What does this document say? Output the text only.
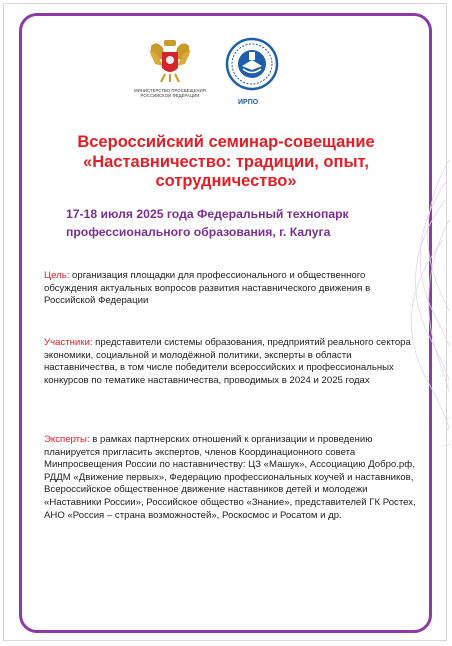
МИНИСТЕРСТВО ПРОСВЕЩЕНИЯ РОССИЙСКОЙ ФЕДЕРАЦИИ
ИРПО
Всероссийский семинар-совещание «Наставничество: традиции, опыт, сотрудничество»

17-18 июля 2025 года Федеральный технопарк профессионального образования, г. Калуга

Цель: организация площадки для профессионального и общественного обсуждения актуальных вопросов развития наставнического движения в Российской Федерации

Участники: представители системы образования, предприятий реального сектора экономики, социальной и молодёжной политики, эксперты в области наставничества, в том числе победители всероссийских и профессиональных конкурсов по тематике наставничества, проводимых в 2024 и 2025 годах

Эксперты: в рамках партнерских отношений к организации и проведению планируется пригласить экспертов, членов Координационного совета Минпросвещения России по наставничеству: ЦЗ «Машук», Ассоциацию Добро.рф, РДДМ «Движение первых», Федерацию профессиональных коучей и наставников, Всероссийское общественное движение наставников детей и молодежи «Наставники России», Российское общество «Знание», представителей ГК Ростех, АНО «Россия – страна возможностей», Роскосмос и Росатом и др.
